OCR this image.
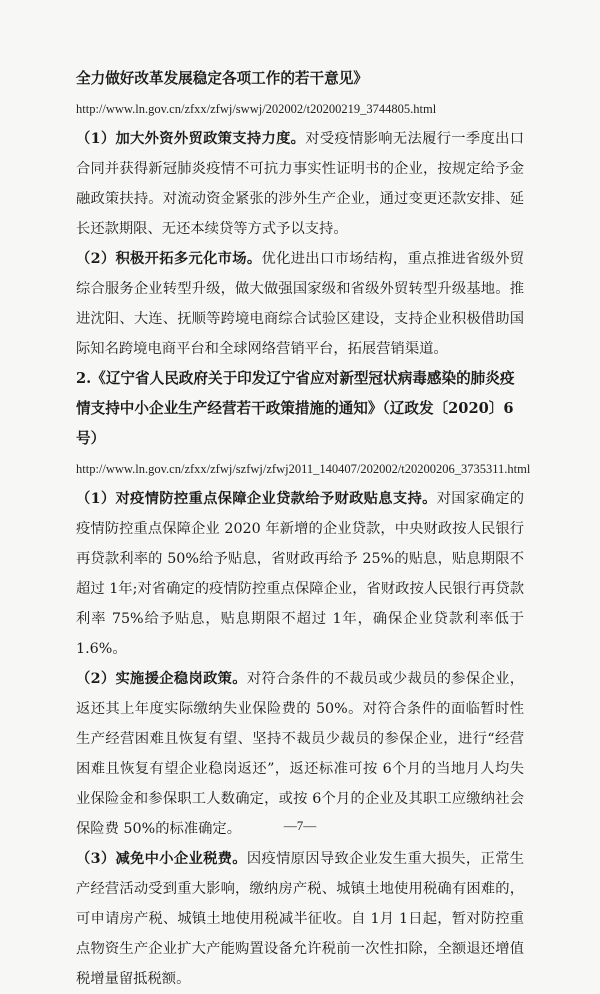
全力做好改革发展稳定各项工作的若干意见》

http://www.ln.gov.cn/zfxx/zfwj/swwj/202002/t20200219_3744805.html

（1）加大外资外贸政策支持力度。对受疫情影响无法履行一季度出口合同并获得新冠肺炎疫情不可抗力事实性证明书的企业，按规定给予金融政策扶持。对流动资金紧张的涉外生产企业，通过变更还款安排、延长还款期限、无还本续贷等方式予以支持。

（2）积极开拓多元化市场。优化进出口市场结构，重点推进省级外贸综合服务企业转型升级，做大做强国家级和省级外贸转型升级基地。推进沈阳、大连、抚顺等跨境电商综合试验区建设，支持企业积极借助国际知名跨境电商平台和全球网络营销平台，拓展营销渠道。

2.《辽宁省人民政府关于印发辽宁省应对新型冠状病毒感染的肺炎疫情支持中小企业生产经营若干政策措施的通知》（辽政发〔2020〕6号）

http://www.ln.gov.cn/zfxx/zfwj/szfwj/zfwj2011_140407/202002/t20200206_3735311.html

（1）对疫情防控重点保障企业贷款给予财政贴息支持。对国家确定的疫情防控重点保障企业 2020 年新增的企业贷款，中央财政按人民银行再贷款利率的 50%给予贴息，省财政再给予 25%的贴息，贴息期限不超过 1年;对省确定的疫情防控重点保障企业，省财政按人民银行再贷款利率 75%给予贴息，贴息期限不超过 1年，确保企业贷款利率低于 1.6%。

（2）实施援企稳岗政策。对符合条件的不裁员或少裁员的参保企业，返还其上年度实际缴纳失业保险费的 50%。对符合条件的面临暂时性生产经营困难且恢复有望、坚持不裁员少裁员的参保企业，进行“经营困难且恢复有望企业稳岗返还”，返还标准可按 6个月的当地月人均失业保险金和参保职工人数确定，或按 6个月的企业及其职工应缴纳社会保险费 50%的标准确定。

（3）减免中小企业税费。因疫情原因导致企业发生重大损失，正常生产经营活动受到重大影响，缴纳房产税、城镇土地使用税确有困难的，可申请房产税、城镇土地使用税减半征收。自 1月 1日起，暂对防控重点物资生产企业扩大产能购置设备允许税前一次性扣除，全额退还增值税增量留抵税额。

—7—
